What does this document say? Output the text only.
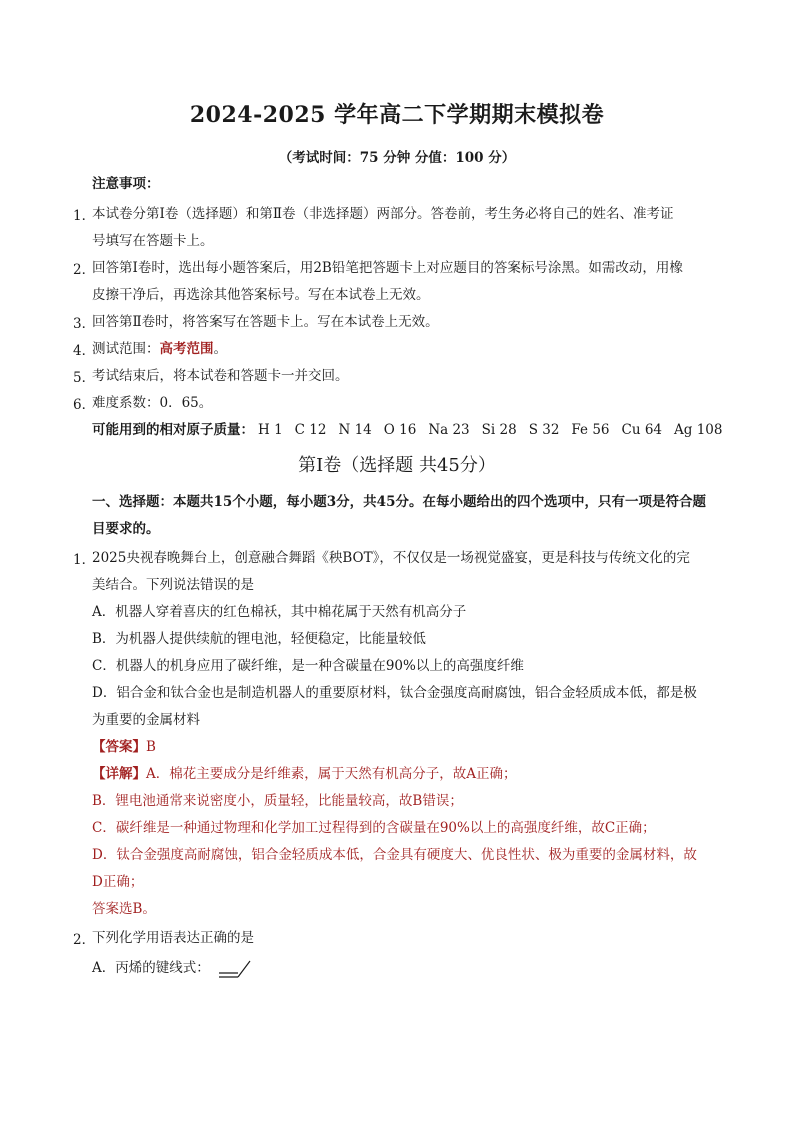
2024-2025 学年高二下学期期末模拟卷
（考试时间：75 分钟 分值：100 分）
注意事项：
1．
本试卷分第Ⅰ卷（选择题）和第Ⅱ卷（非选择题）两部分。答卷前，考生务必将自己的姓名、准考证
号填写在答题卡上。
2．
回答第Ⅰ卷时，选出每小题答案后，用2B铅笔把答题卡上对应题目的答案标号涂黑。如需改动，用橡
皮擦干净后，再选涂其他答案标号。写在本试卷上无效。
3．
回答第Ⅱ卷时，将答案写在答题卡上。写在本试卷上无效。
4．
测试范围：高考范围。
5．
考试结束后，将本试卷和答题卡一并交回。
6．
难度系数：0．65。
可能用到的相对原子质量： H 1 C 12 N 14 O 16 Na 23 Si 28 S 32 Fe 56 Cu 64 Ag 108
第Ⅰ卷（选择题 共45分）
一、选择题：本题共15个小题，每小题3分，共45分。在每小题给出的四个选项中，只有一项是符合题
目要求的。
1．
2025央视春晚舞台上，创意融合舞蹈《秧BOT》，不仅仅是一场视觉盛宴，更是科技与传统文化的完
美结合。下列说法错误的是
B．为机器人提供续航的锂电池，轻便稳定，比能量较低
A．机器人穿着喜庆的红色棉袄，其中棉花属于天然有机高分子
C．机器人的机身应用了碳纤维，是一种含碳量在90%以上的高强度纤维
D．铝合金和钛合金也是制造机器人的重要原材料，钛合金强度高耐腐蚀，铝合金轻质成本低，都是极
为重要的金属材料
【答案】B
【详解】A．棉花主要成分是纤维素，属于天然有机高分子，故A正确；
B．锂电池通常来说密度小，质量轻，比能量较高，故B错误；
C．碳纤维是一种通过物理和化学加工过程得到的含碳量在90%以上的高强度纤维，故C正确；
D．钛合金强度高耐腐蚀，铝合金轻质成本低，合金具有硬度大、优良性状、极为重要的金属材料，故
D正确；
答案选B。
2．
下列化学用语表达正确的是
A．丙烯的键线式：
